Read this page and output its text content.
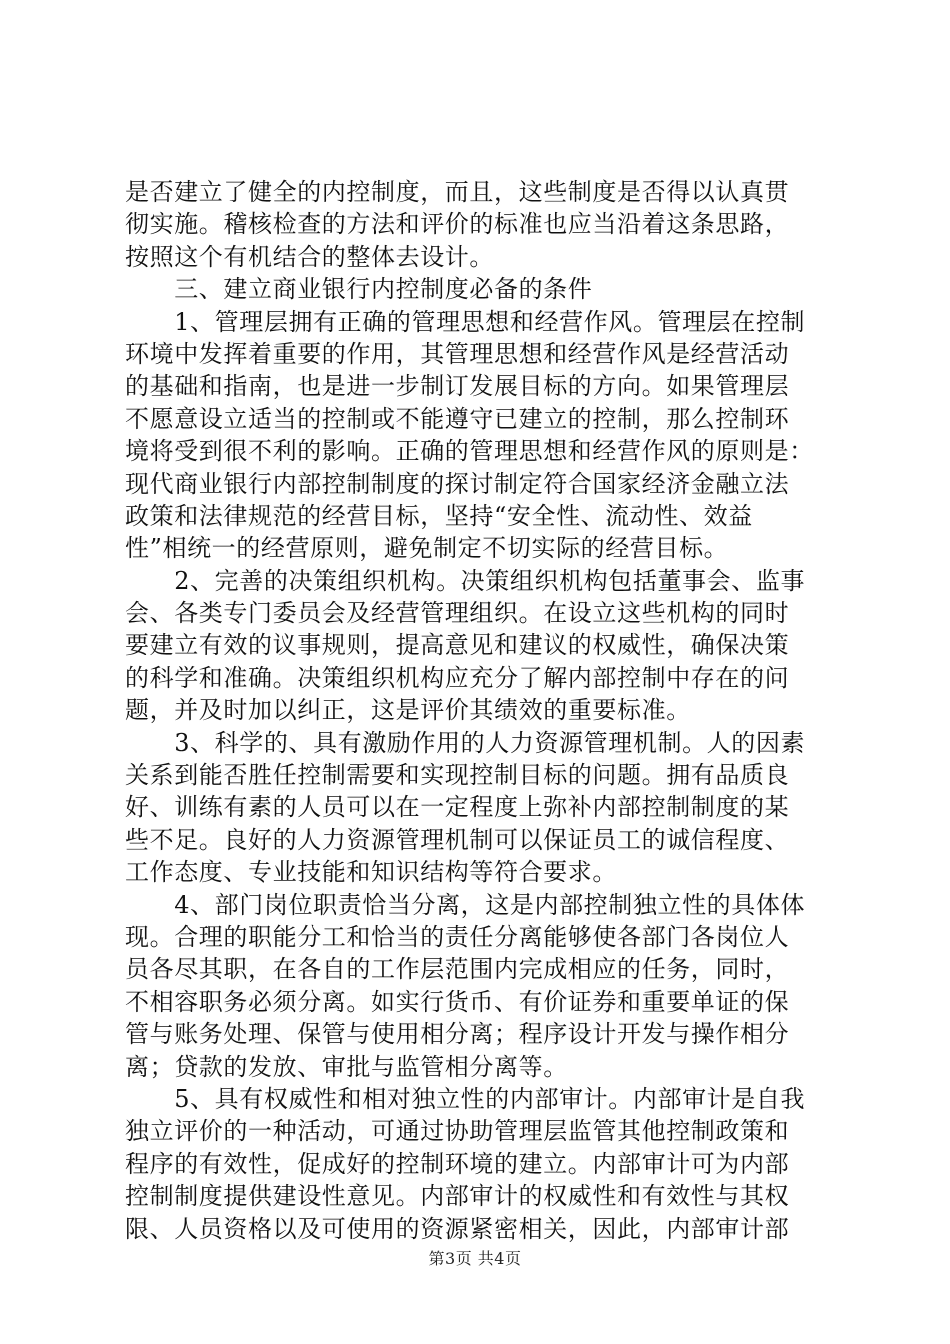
是否建立了健全的内控制度，而且，这些制度是否得以认真贯
彻实施。稽核检查的方法和评价的标准也应当沿着这条思路，
按照这个有机结合的整体去设计。
　　三、建立商业银行内控制度必备的条件
　　1、管理层拥有正确的管理思想和经营作风。管理层在控制
环境中发挥着重要的作用，其管理思想和经营作风是经营活动
的基础和指南，也是进一步制订发展目标的方向。如果管理层
不愿意设立适当的控制或不能遵守已建立的控制，那么控制环
境将受到很不利的影响。正确的管理思想和经营作风的原则是：
现代商业银行内部控制制度的探讨制定符合国家经济金融立法
政策和法律规范的经营目标，坚持“安全性、流动性、效益
性”相统一的经营原则，避免制定不切实际的经营目标。
　　2、完善的决策组织机构。决策组织机构包括董事会、监事
会、各类专门委员会及经营管理组织。在设立这些机构的同时
要建立有效的议事规则，提高意见和建议的权威性，确保决策
的科学和准确。决策组织机构应充分了解内部控制中存在的问
题，并及时加以纠正，这是评价其绩效的重要标准。
　　3、科学的、具有激励作用的人力资源管理机制。人的因素
关系到能否胜任控制需要和实现控制目标的问题。拥有品质良
好、训练有素的人员可以在一定程度上弥补内部控制制度的某
些不足。良好的人力资源管理机制可以保证员工的诚信程度、
工作态度、专业技能和知识结构等符合要求。
　　4、部门岗位职责恰当分离，这是内部控制独立性的具体体
现。合理的职能分工和恰当的责任分离能够使各部门各岗位人
员各尽其职，在各自的工作层范围内完成相应的任务，同时，
不相容职务必须分离。如实行货币、有价证券和重要单证的保
管与账务处理、保管与使用相分离；程序设计开发与操作相分
离；贷款的发放、审批与监管相分离等。
　　5、具有权威性和相对独立性的内部审计。内部审计是自我
独立评价的一种活动，可通过协助管理层监管其他控制政策和
程序的有效性，促成好的控制环境的建立。内部审计可为内部
控制制度提供建设性意见。内部审计的权威性和有效性与其权
限、人员资格以及可使用的资源紧密相关，因此，内部审计部
第3页 共4页
